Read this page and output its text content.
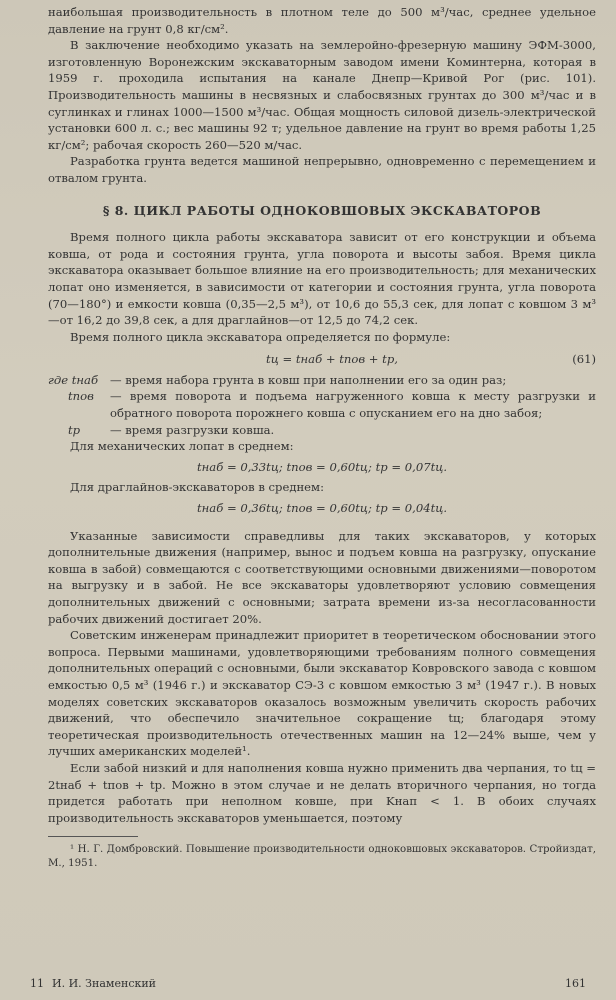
наибольшая производительность в плотном теле до 500 м³/час, среднее удельное давление на грунт 0,8 кг/см².

В заключение необходимо указать на землеройно-фрезерную машину ЭФМ-3000, изготовленную Воронежским экскаваторным заводом имени Коминтерна, которая в 1959 г. проходила испытания на канале Днепр—Кривой Рог (рис. 101). Производительность машины в несвязных и слабосвязных грунтах до 300 м³/час и в суглинках и глинах 1000—1500 м³/час. Общая мощность силовой дизель-электрической установки 600 л. с.; вес машины 92 т; удельное давление на грунт во время работы 1,25 кг/см²; рабочая скорость 260—520 м/час.

Разработка грунта ведется машиной непрерывно, одновременно с перемещением и отвалом грунта.

§ 8. ЦИКЛ РАБОТЫ ОДНОКОВШОВЫХ ЭКСКАВАТОРОВ

Время полного цикла работы экскаватора зависит от его конструкции и объема ковша, от рода и состояния грунта, угла поворота и высоты забоя. Время цикла экскаватора оказывает большое влияние на его производительность; для механических лопат оно изменяется, в зависимости от категории и состояния грунта, угла поворота (70—180°) и емкости ковша (0,35—2,5 м³), от 10,6 до 55,3 сек, для лопат с ковшом 3 м³—от 16,2 до 39,8 сек, а для драглайнов—от 12,5 до 74,2 сек.

Время полного цикла экскаватора определяется по формуле:

tц = tнаб + tпов + tр,	(61)
где tнаб	— время набора грунта в ковш при наполнении его за один раз;
tпов	— время поворота и подъема нагруженного ковша к месту разгрузки и обратного поворота порожнего ковша с опусканием его на дно забоя;
tр	— время разгрузки ковша.

Для механических лопат в среднем:

tнаб = 0,33tц; tпов = 0,60tц; tр = 0,07tц.

Для драглайнов-экскаваторов в среднем:

tнаб = 0,36tц; tпов = 0,60tц; tр = 0,04tц.

Указанные зависимости справедливы для таких экскаваторов, у которых дополнительные движения (например, вынос и подъем ковша на разгрузку, опускание ковша в забой) совмещаются с соответствующими основными движениями—поворотом на выгрузку и в забой. Не все экскаваторы удовлетворяют условию совмещения дополнительных движений с основными; затрата времени из-за несогласованности рабочих движений достигает 20%.

Советским инженерам принадлежит приоритет в теоретическом обосновании этого вопроса. Первыми машинами, удовлетворяющими требованиям полного совмещения дополнительных операций с основными, были экскаватор Ковровского завода с ковшом емкостью 0,5 м³ (1946 г.) и экскаватор СЭ-3 с ковшом емкостью 3 м³ (1947 г.). В новых моделях советских экскаваторов оказалось возможным увеличить скорость рабочих движений, что обеспечило значительное сокращение tц; благодаря этому теоретическая производительность отечественных машин на 12—24% выше, чем у лучших американских моделей¹.

Если забой низкий и для наполнения ковша нужно применить два черпания, то tц = 2tнаб + tпов + tр. Можно в этом случае и не делать вторичного черпания, но тогда придется работать при неполном ковше, при Kнап < 1. В обоих случаях производительность экскаваторов уменьшается, поэтому

¹ Н. Г. Домбровский. Повышение производительности одноковшовых экскаваторов. Стройиздат, М., 1951.

11 И. И. Знаменский	161
